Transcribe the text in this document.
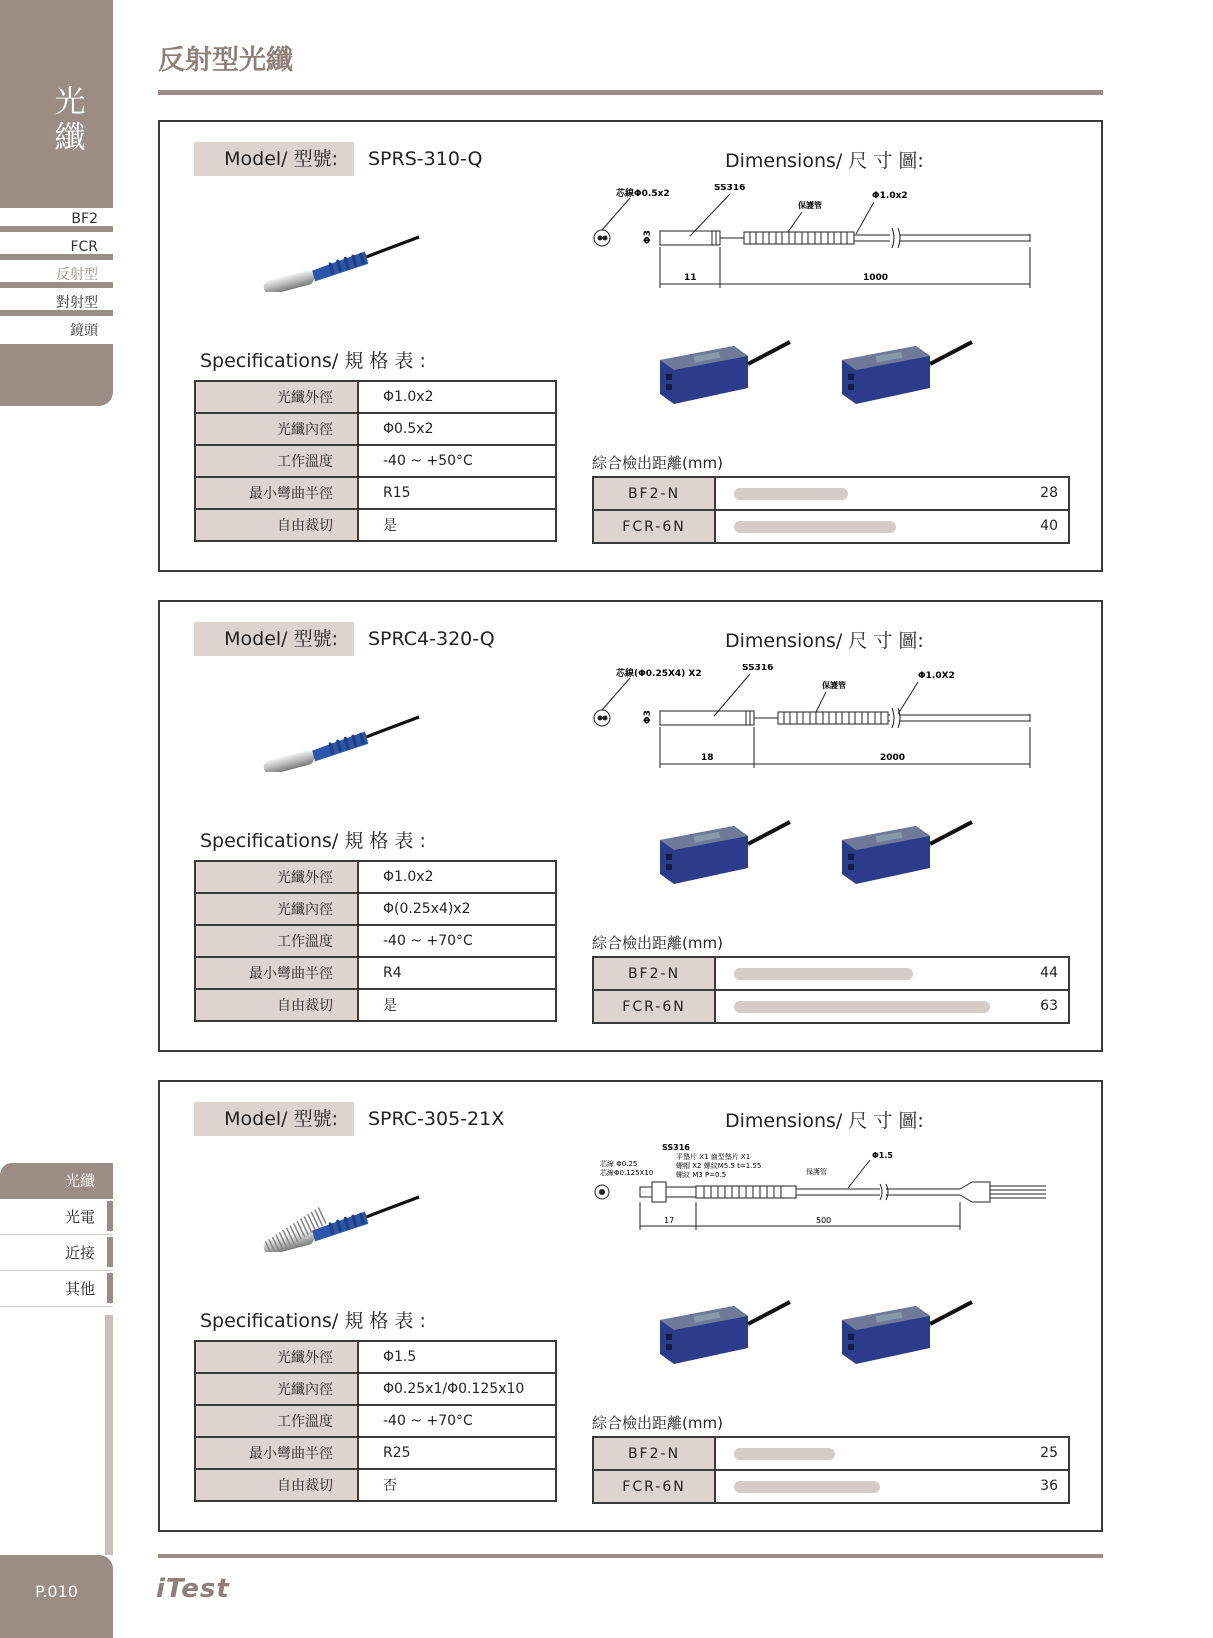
光纖
BF2
FCR
反射型
對射型
鏡頭
光纖
光電
近接
其他
P.010
反射型光纖
Model/ 型號:	SPRS-310-Q	Dimensions/ 尺 寸 圖:
Φ3
11	1000
芯線Φ0.5x2
SS316
保護管
Φ1.0x2
Specifications/ 規 格 表 :
光纖外徑	Φ1.0x2
光纖內徑	Φ0.5x2
工作溫度	-40 ~ +50°C
最小彎曲半徑	R15
自由裁切	是
綜合檢出距離(mm)
BF2-N	28

FCR-6N	40
Model/ 型號:	SPRC4-320-Q	Dimensions/ 尺 寸 圖:
Φ3
18	2000
芯線(Φ0.25X4) X2
SS316
保護管
Φ1.0X2
Specifications/ 規 格 表 :
光纖外徑	Φ1.0x2
光纖內徑	Φ(0.25x4)x2
工作溫度	-40 ~ +70°C
最小彎曲半徑	R4
自由裁切	是
綜合檢出距離(mm)
BF2-N	44

FCR-6N	63
Model/ 型號:	SPRC-305-21X	Dimensions/ 尺 寸 圖:
17	500
SS316
芯線 Φ0.25
芯線Φ0.125X10
平墊片 X1 齒型墊片 X1
螺帽 X2 螺紋M5.5 t=1.55
螺紋 M3 P=0.5	保護管
Φ1.5
Specifications/ 規 格 表 :
光纖外徑	Φ1.5
光纖內徑	Φ0.25x1/Φ0.125x10
工作溫度	-40 ~ +70°C
最小彎曲半徑	R25
自由裁切	否
綜合檢出距離(mm)
BF2-N	25

FCR-6N	36
iTest
